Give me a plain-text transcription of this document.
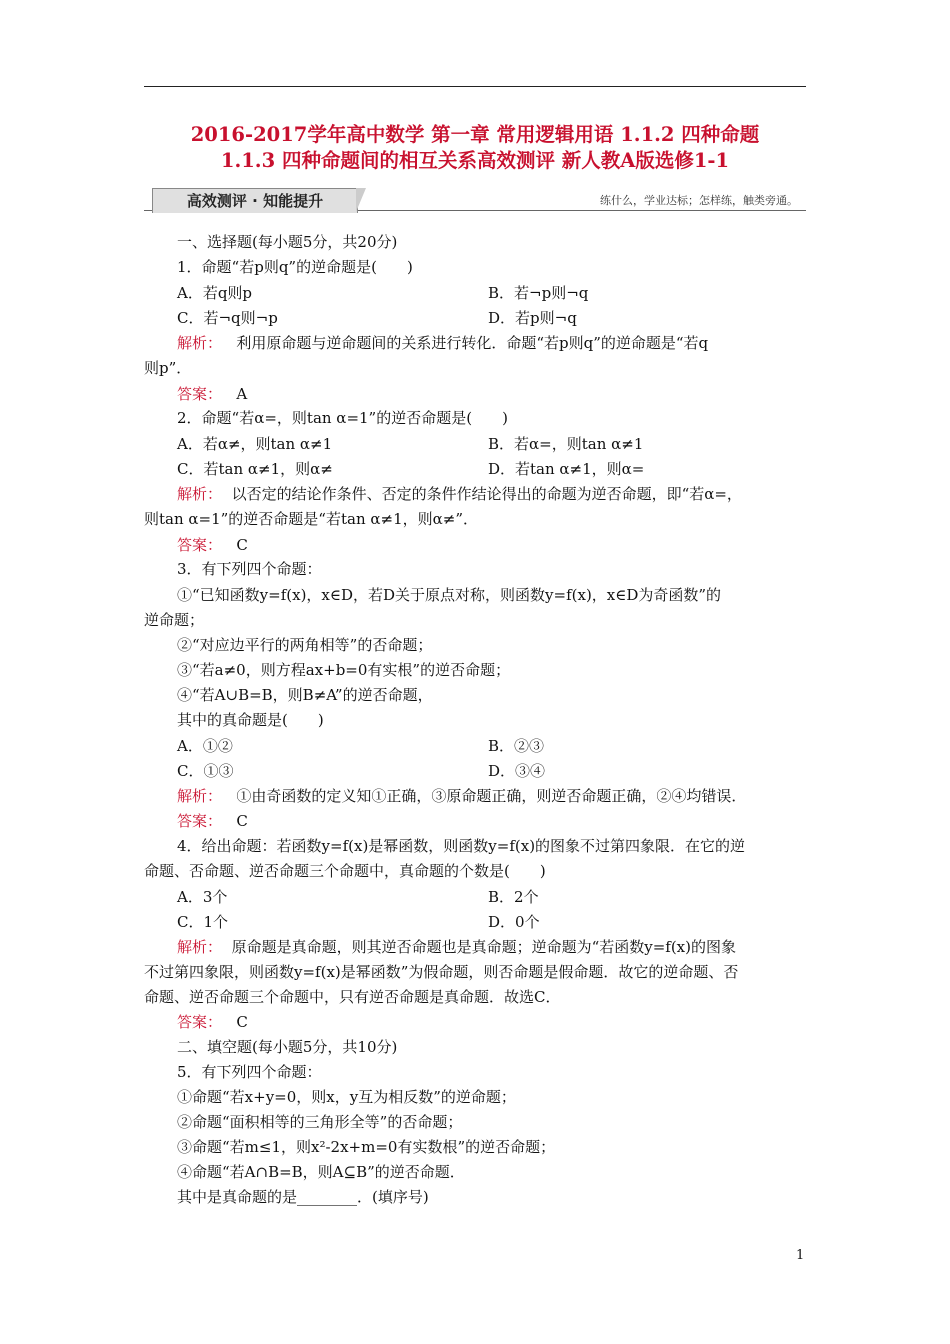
2016-2017学年高中数学 第一章 常用逻辑用语 1.1.2 四种命题
1.1.3 四种命题间的相互关系高效测评 新人教A版选修1-1
高效测评 · 知能提升	练什么，学业达标；怎样练，触类旁通。
一、选择题(每小题5分，共20分)
1．命题“若p则q”的逆命题是(　　)
A．若q则p	B．若¬p则¬q
C．若¬q则¬p	D．若p则¬q
解析： 利用原命题与逆命题间的关系进行转化．命题“若p则q”的逆命题是“若q
则p”．
答案： A
2．命题“若α=，则tan α=1”的逆否命题是(　　)
A．若α≠，则tan α≠1	B．若α=，则tan α≠1
C．若tan α≠1，则α≠	D．若tan α≠1，则α=
解析： 以否定的结论作条件、否定的条件作结论得出的命题为逆否命题，即“若α=，
则tan α=1”的逆否命题是“若tan α≠1，则α≠”．
答案： C
3．有下列四个命题：
①“已知函数y=f(x)，x∈D，若D关于原点对称，则函数y=f(x)，x∈D为奇函数”的
逆命题；
②“对应边平行的两角相等”的否命题；
③“若a≠0，则方程ax+b=0有实根”的逆否命题；
④“若A∪B=B，则B≠A”的逆否命题，
其中的真命题是(　　)
A．①②	B．②③
C．①③	D．③④
解析： ①由奇函数的定义知①正确，③原命题正确，则逆否命题正确，②④均错误．
答案： C
4．给出命题：若函数y=f(x)是幂函数，则函数y=f(x)的图象不过第四象限．在它的逆
命题、否命题、逆否命题三个命题中，真命题的个数是(　　)
A．3个	B．2个
C．1个	D．0个
解析： 原命题是真命题，则其逆否命题也是真命题；逆命题为“若函数y=f(x)的图象
不过第四象限，则函数y=f(x)是幂函数”为假命题，则否命题是假命题．故它的逆命题、否
命题、逆否命题三个命题中，只有逆否命题是真命题．故选C．
答案： C
二、填空题(每小题5分，共10分)
5．有下列四个命题：
①命题“若x+y=0，则x，y互为相反数”的逆命题；
②命题“面积相等的三角形全等”的否命题；
③命题“若m≤1，则x²-2x+m=0有实数根”的逆否命题；
④命题“若A∩B=B，则A⊆B”的逆否命题．
其中是真命题的是________．(填序号)
1
